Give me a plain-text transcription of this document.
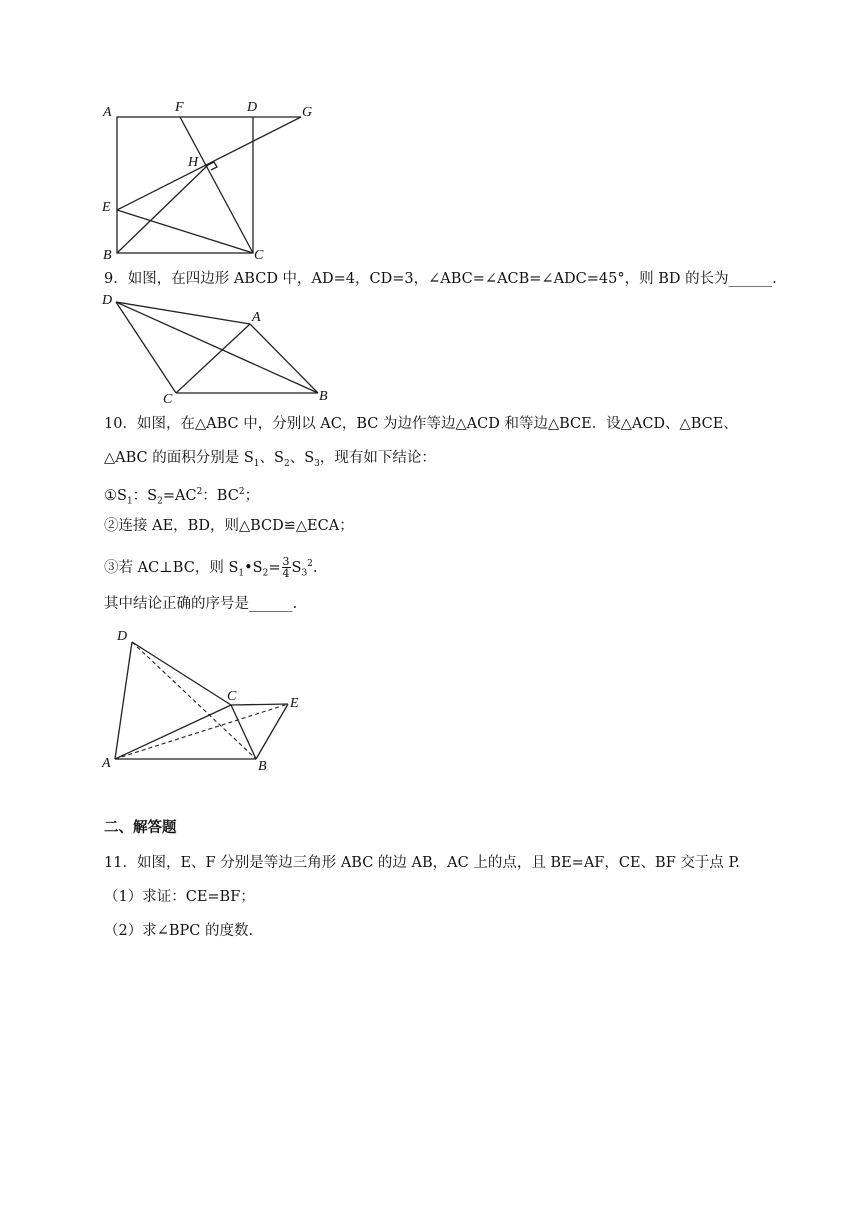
A	F	D	G
H
E
B	C
9．如图，在四边形 ABCD 中，AD=4，CD=3，∠ABC=∠ACB=∠ADC=45°，则 BD 的长为______.
D
A
C	B
10．如图，在△ABC 中，分别以 AC，BC 为边作等边△ACD 和等边△BCE．设△ACD、△BCE、
△ABC 的面积分别是 $S_1$、$S_2$、$S_3$，现有如下结论：
$①S_1$：$S_2=AC^2$：$BC^2$；
②连接 AE，BD，则△BCD≌△ECA；
③若 AC⊥BC，则 $S_1•S_2= \frac{3}{4} S_3^2$.
其中结论正确的序号是______.
D
C	E
A	B
二、解答题
11．如图，E、F 分别是等边三角形 ABC 的边 AB，AC 上的点，且 BE=AF，CE、BF 交于点 P.
（1）求证：CE=BF；
（2）求∠BPC 的度数.
